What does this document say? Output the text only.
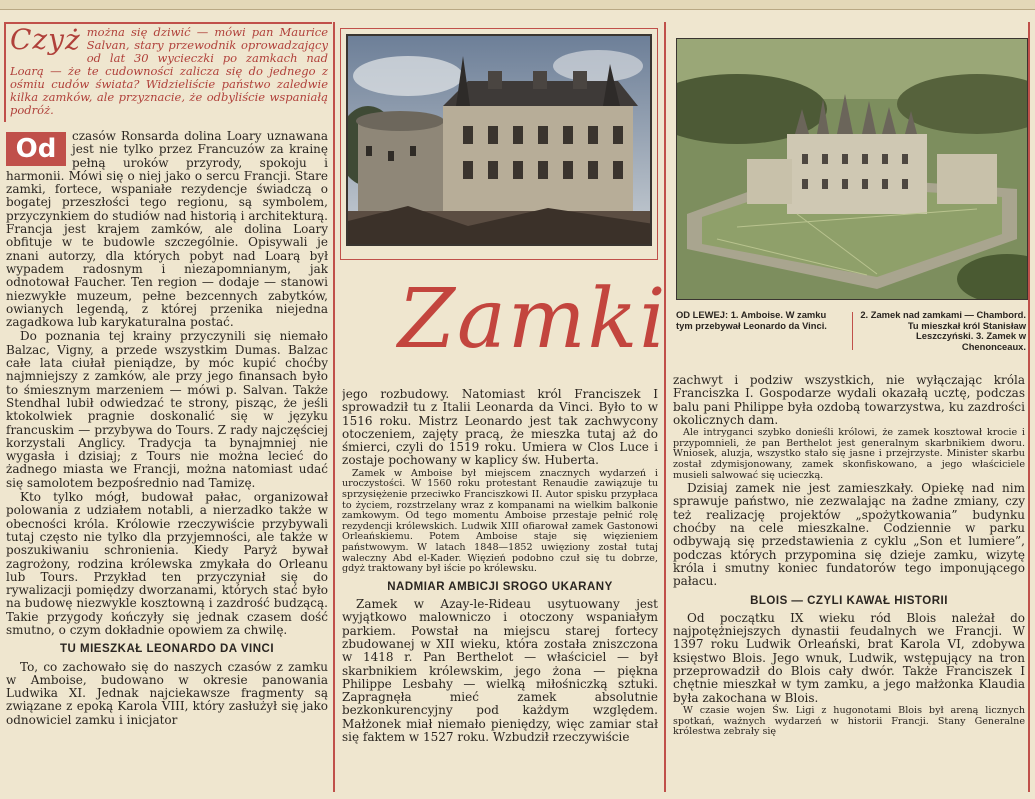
Czyż można się dziwić — mówi pan Maurice Salvan, stary przewodnik oprowadzający od lat 30 wycieczki po zamkach nad Loarą — że te cudowności zalicza się do jednego z ośmiu cudów świata? Widzieliście państwo zaledwie kilka zamków, ale przyznacie, że odbyliście wspaniałą podróż.

Od	czasów Ronsarda dolina Loary uznawana jest nie tylko przez Francuzów za krainę pełną uroków przyrody, spokoju i harmonii. Mówi się o niej jako o sercu Francji. Stare zamki, fortece, wspaniałe rezydencje świadczą o bogatej przeszłości tego regionu, są symbolem, przyczynkiem do studiów nad historią i architekturą. Francja jest krajem zamków, ale dolina Loary obfituje w te budowle szczególnie. Opisywali je znani autorzy, dla których pobyt nad Loarą był wypadem radosnym i niezapomnianym, jak odnotował Faucher. Ten region — dodaje — stanowi niezwykłe muzeum, pełne bezcennych zabytków, owianych legendą, z której przenika niejedna zagadkowa lub karykaturalna postać.

Do poznania tej krainy przyczynili się niemało Balzac, Vigny, a przede wszystkim Dumas. Balzac całe lata ciułał pieniądze, by móc kupić choćby najmniejszy z zamków, ale przy jego finansach było to śmiesznym marzeniem — mówi p. Salvan. Także Stendhal lubił odwiedzać te strony, pisząc, że jeśli ktokolwiek pragnie doskonalić się w języku francuskim — przybywa do Tours. Z rady najczęściej korzystali Anglicy. Tradycja ta bynajmniej nie wygasła i dzisiaj; z Tours nie można lecieć do żadnego miasta we Francji, można natomiast udać się samolotem bezpośrednio nad Tamizę.

Kto tylko mógł, budował pałac, organizował polowania z udziałem notabli, a nierzadko także w obecności króla. Królowie rzeczywiście przybywali tutaj często nie tylko dla przyjemności, ale także w poszukiwaniu schronienia. Kiedy Paryż bywał zagrożony, rodzina królewska zmykała do Orleanu lub Tours. Przykład ten przyczyniał się do rywalizacji pomiędzy dworzanami, których stać było na budowę niezwykle kosztowną i zazdrość budzącą. Takie przygody kończyły się jednak czasem dość smutno, o czym dokładnie opowiem za chwilę.

TU MIESZKAŁ LEONARDO DA VINCI

To, co zachowało się do naszych czasów z zamku w Amboise, budowano w okresie panowania Ludwika XI. Jednak najciekawsze fragmenty są związane z epoką Karola VIII, który zasłużył się jako odnowiciel zamku i inicjator

OD LEWEJ: 1. Amboise. W zamku tym przebywał Leonardo da Vinci.
2. Zamek nad zamkami — Chambord. Tu mieszkał król Stanisław Leszczyński. 3. Zamek w Chenonceaux.
Zamki

jego rozbudowy. Natomiast król Franciszek I sprowadził tu z Italii Leonarda da Vinci. Było to w 1516 roku. Mistrz Leonardo jest tak zachwycony otoczeniem, zajęty pracą, że mieszka tutaj aż do śmierci, czyli do 1519 roku. Umiera w Clos Luce i zostaje pochowany w kaplicy św. Huberta.

Zamek w Amboise był miejscem znacznych wydarzeń i uroczystości. W 1560 roku protestant Renaudie zawiązuje tu sprzysiężenie przeciwko Franciszkowi II. Autor spisku przypłaca to życiem, rozstrzelany wraz z kompanami na wielkim balkonie zamkowym. Od tego momentu Amboise przestaje pełnić rolę rezydencji królewskich. Ludwik XIII ofiarował zamek Gastonowi Orleańskiemu. Potem Amboise staje się więzieniem państwowym. W latach 1848—1852 uwięziony został tutaj waleczny Abd el-Kader. Więzień podobno czuł się tu dobrze, gdyż traktowany był iście po królewsku.

NADMIAR AMBICJI SROGO UKARANY

Zamek w Azay-le-Rideau usytuowany jest wyjątkowo malowniczo i otoczony wspaniałym parkiem. Powstał na miejscu starej fortecy zbudowanej w XII wieku, która została zniszczona w 1418 r. Pan Berthelot — właściciel — był skarbnikiem królewskim, jego żona — piękna Philippe Lesbahy — wielką miłośniczką sztuki. Zapragnęła mieć zamek absolutnie bezkonkurencyjny pod każdym względem. Małżonek miał niemało pieniędzy, więc zamiar stał się faktem w 1527 roku. Wzbudził rzeczywiście

zachwyt i podziw wszystkich, nie wyłączając króla Franciszka I. Gospodarze wydali okazałą ucztę, podczas balu pani Philippe była ozdobą towarzystwa, ku zazdrości okolicznych dam.

Ale intryganci szybko donieśli królowi, że zamek kosztował krocie i przypomnieli, że pan Berthelot jest generalnym skarbnikiem dworu. Wniosek, aluzja, wszystko stało się jasne i przejrzyste. Minister skarbu został zdymisjonowany, zamek skonfiskowano, a jego właściciele musieli salwować się ucieczką.

Dzisiaj zamek nie jest zamieszkały. Opiekę nad nim sprawuje państwo, nie zezwalając na żadne zmiany, czy też realizację projektów „spożytkowania” budynku choćby na cele mieszkalne. Codziennie w parku odbywają się przedstawienia z cyklu „Son et lumiere”, podczas których przypomina się dzieje zamku, wizytę króla i smutny koniec fundatorów tego imponującego pałacu.

BLOIS — CZYLI KAWAŁ HISTORII

Od początku IX wieku ród Blois należał do najpotężniejszych dynastii feudalnych we Francji. W 1397 roku Ludwik Orleański, brat Karola VI, zdobywa księstwo Blois. Jego wnuk, Ludwik, wstępujący na tron przeprowadził do Blois cały dwór. Także Franciszek I chętnie mieszkał w tym zamku, a jego małżonka Klaudia była zakochana w Blois.

W czasie wojen Św. Ligi z hugonotami Blois był areną licznych spotkań, ważnych wydarzeń w historii Francji. Stany Generalne królestwa zebrały się
